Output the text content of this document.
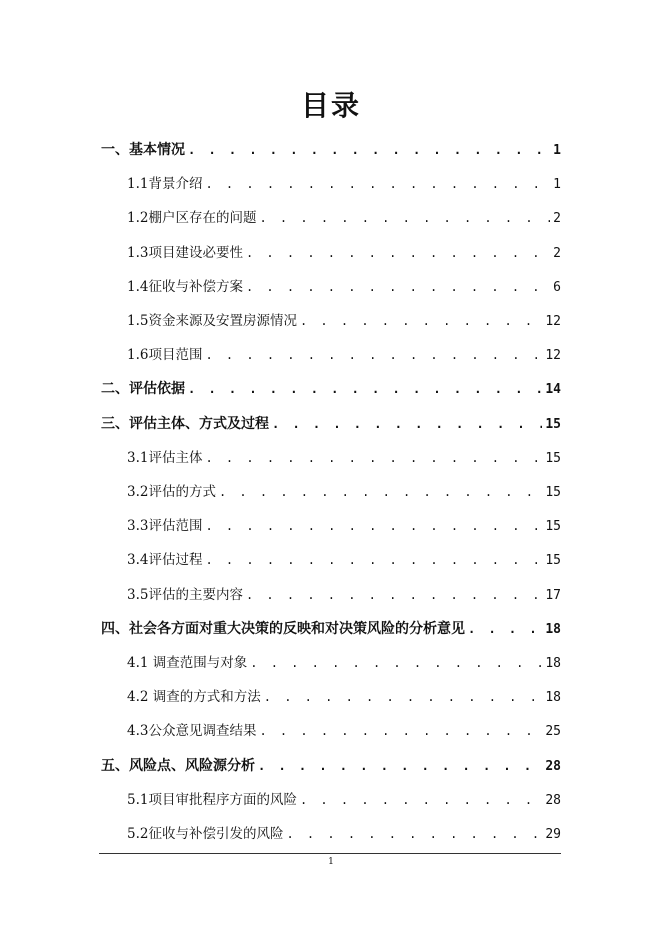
目录
一、基本情况 . . .	1
1.1背景介绍 . . .	1
1.2棚户区存在的问题 . . .	2
1.3项目建设必要性 . . .	2
1.4征收与补偿方案 . . .	6
1.5资金来源及安置房源情况 . . .	12
1.6项目范围 . . .	12
二、评估依据 . . .	14
三、评估主体、方式及过程 . . .	15
3.1评估主体 . . .	15
3.2评估的方式 . . .	15
3.3评估范围 . . .	15
3.4评估过程 . . .	15
3.5评估的主要内容 . . .	17
四、社会各方面对重大决策的反映和对决策风险的分析意见 . . .	18
4.1 调查范围与对象 . . .	18
4.2 调查的方式和方法 . . .	18
4.3公众意见调查结果 . . .	25
五、风险点、风险源分析 . . .	28
5.1项目审批程序方面的风险 . . .	28
5.2征收与补偿引发的风险 . . .	29
1
